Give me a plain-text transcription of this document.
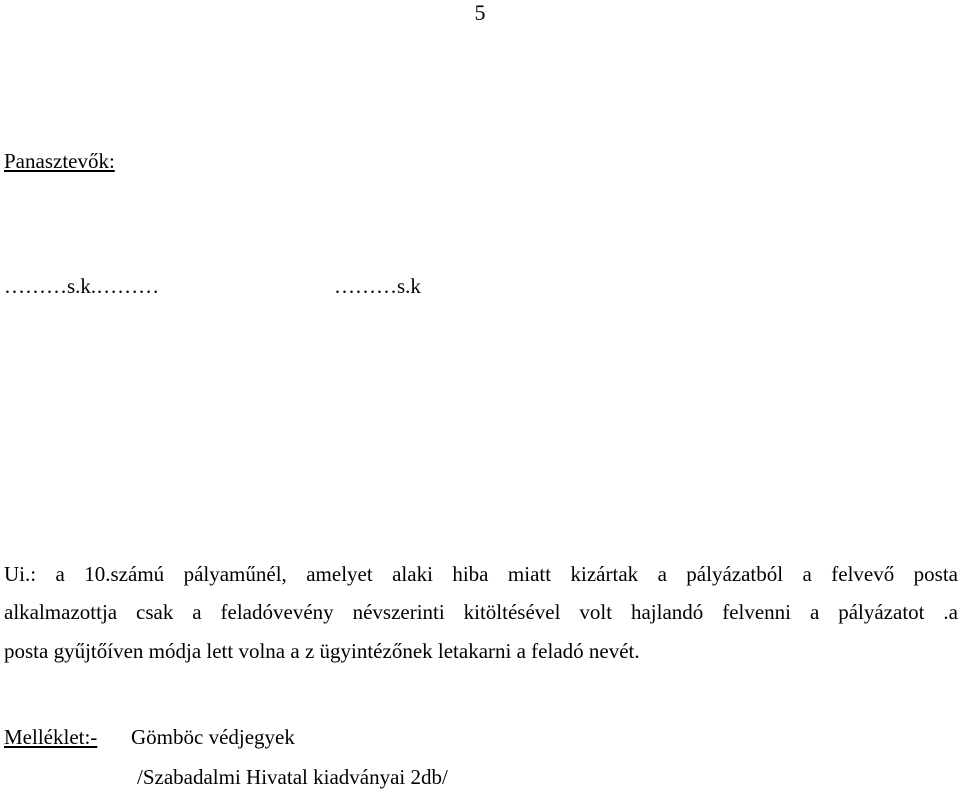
5
Panasztevők:
………s.k.………	………s.k
Ui.: a 10.számú pályaműnél, amelyet alaki hiba miatt kizártak a pályázatból a felvevő posta
alkalmazottja csak a feladóvevény névszerinti kitöltésével volt hajlandó felvenni a pályázatot .a
posta gyűjtőíven módja lett volna a z ügyintézőnek letakarni a feladó nevét.
Melléklet:- Gömböc védjegyek
/Szabadalmi Hivatal kiadványai 2db/
